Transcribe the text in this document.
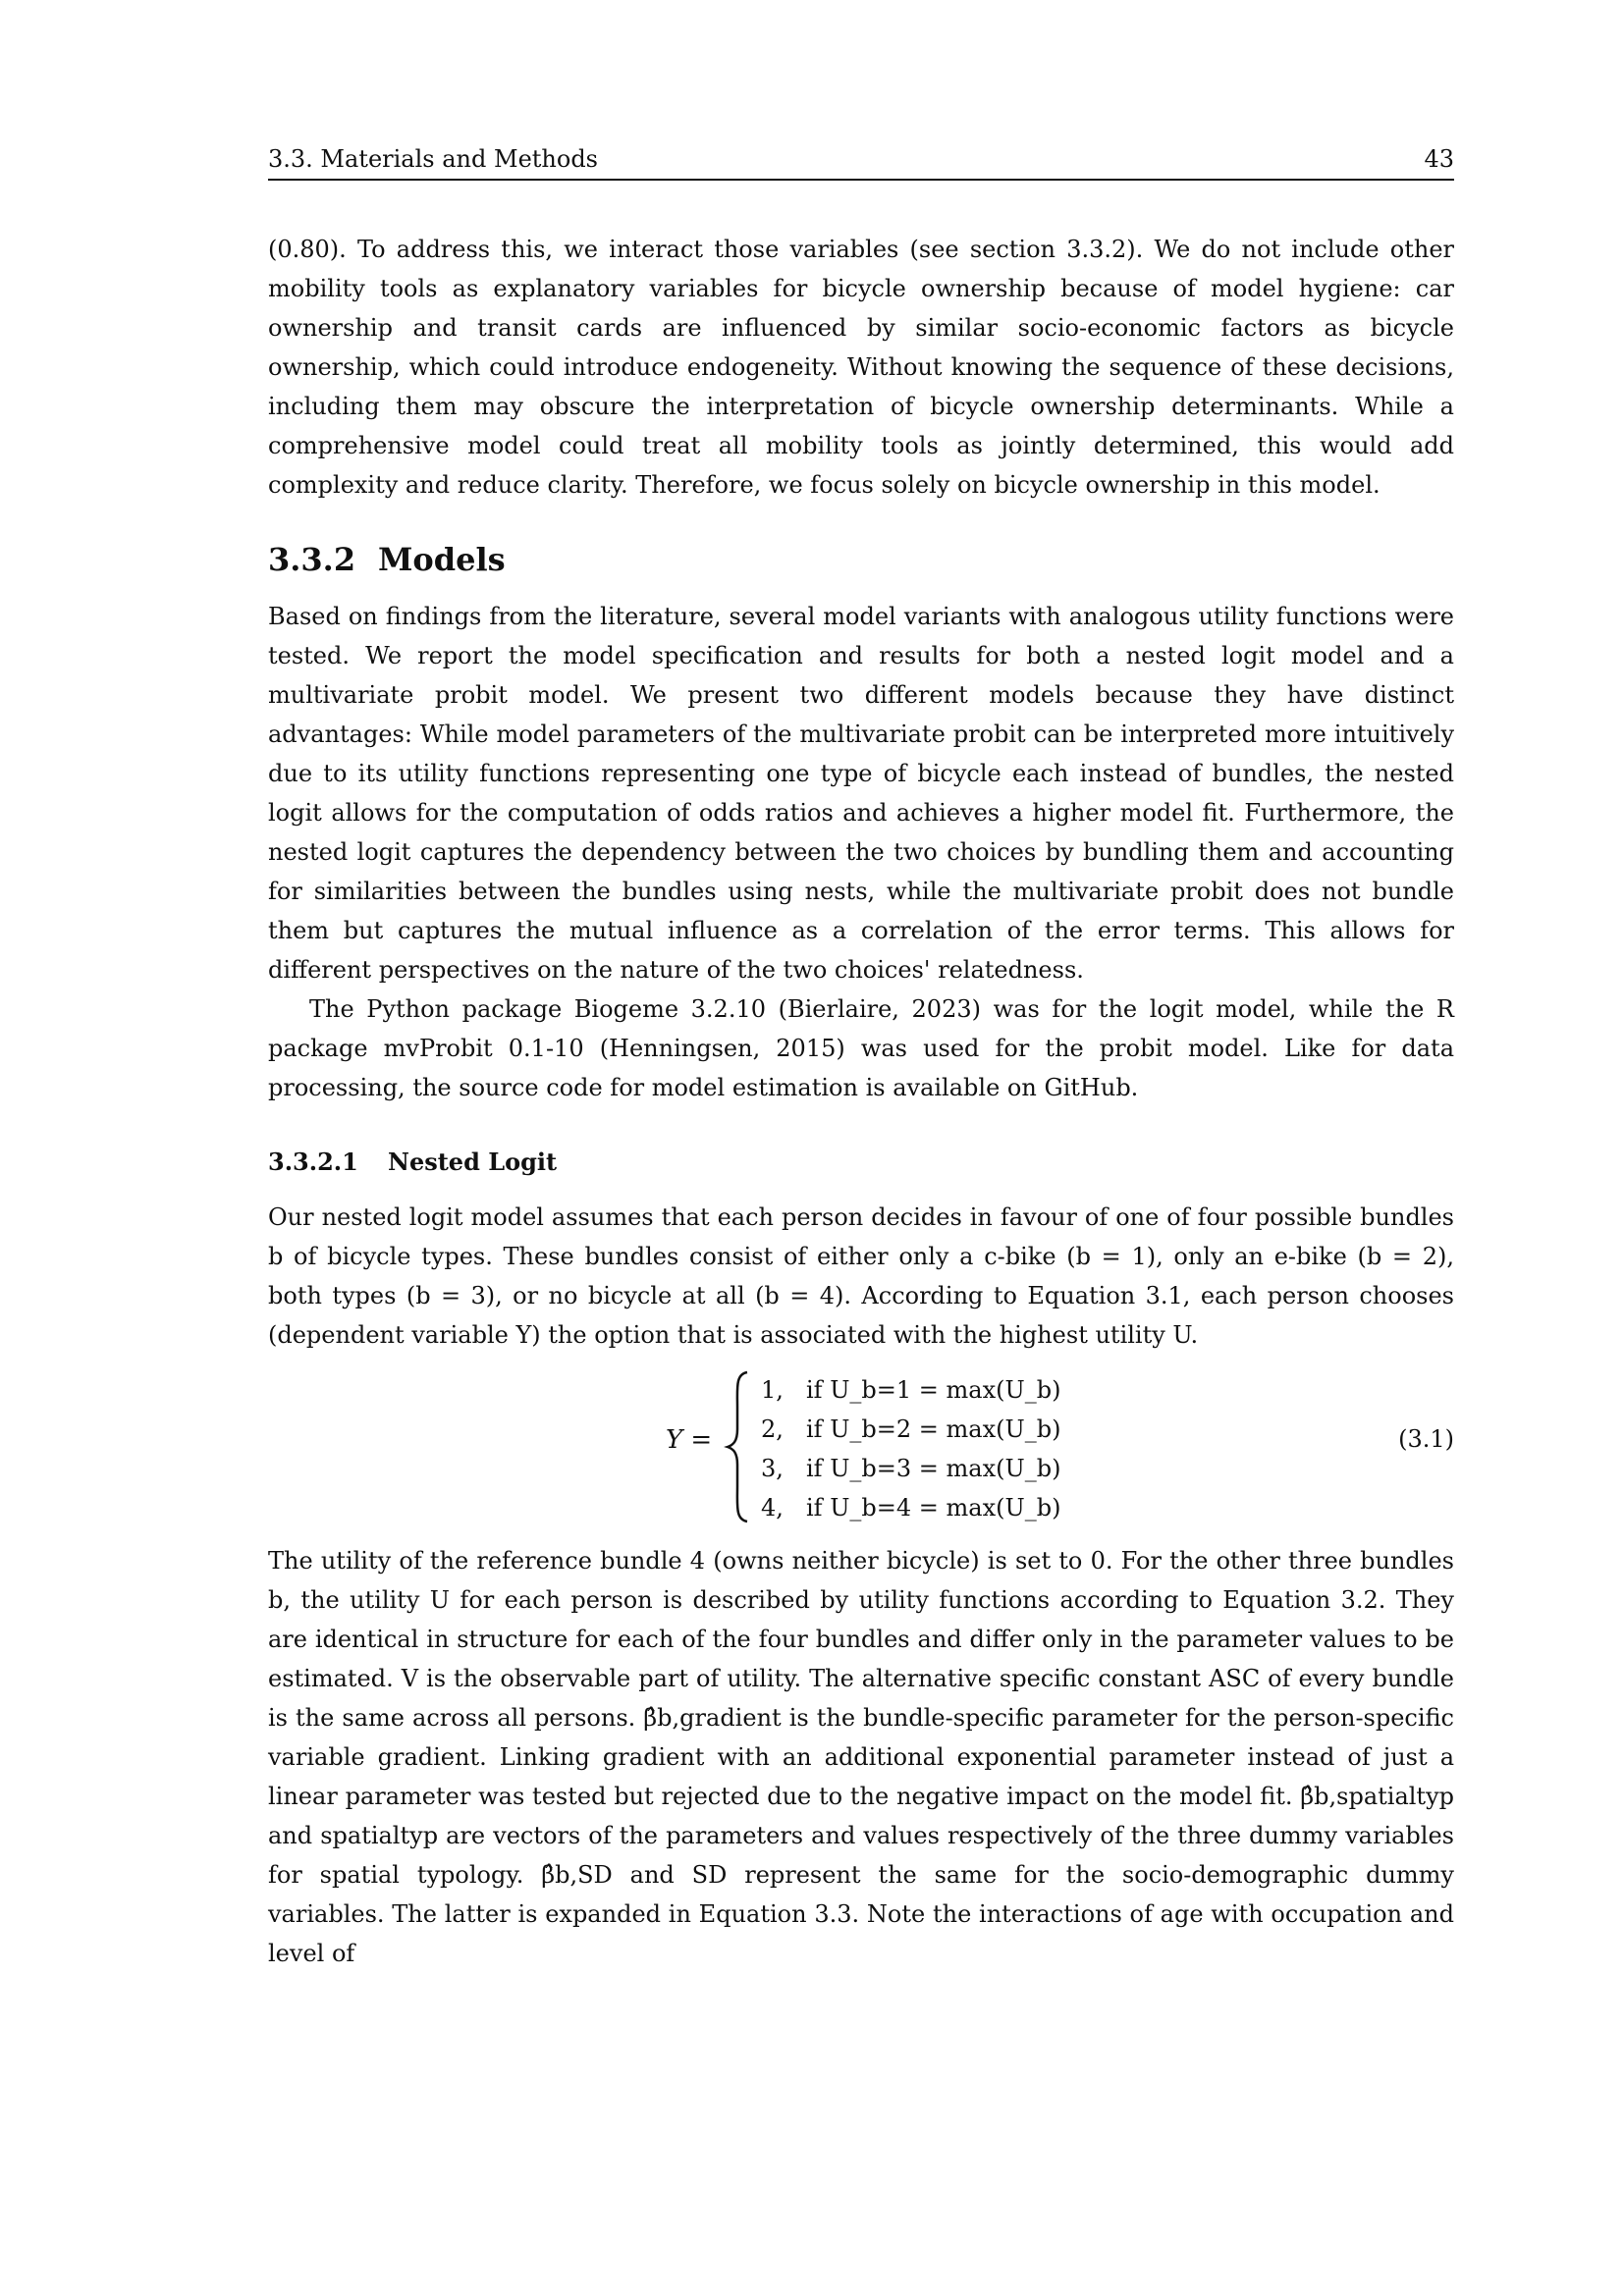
3.3. Materials and Methods	43

(0.80). To address this, we interact those variables (see section 3.3.2). We do not include other mobility tools as explanatory variables for bicycle ownership because of model hygiene: car ownership and transit cards are influenced by similar socio-economic factors as bicycle ownership, which could introduce endogeneity. Without knowing the sequence of these decisions, including them may obscure the interpretation of bicycle ownership determinants. While a comprehensive model could treat all mobility tools as jointly determined, this would add complexity and reduce clarity. Therefore, we focus solely on bicycle ownership in this model.

3.3.2 Models

Based on findings from the literature, several model variants with analogous utility functions were tested. We report the model specification and results for both a nested logit model and a multivariate probit model. We present two different models because they have distinct advantages: While model parameters of the multivariate probit can be interpreted more intuitively due to its utility functions representing one type of bicycle each instead of bundles, the nested logit allows for the computation of odds ratios and achieves a higher model fit. Furthermore, the nested logit captures the dependency between the two choices by bundling them and accounting for similarities between the bundles using nests, while the multivariate probit does not bundle them but captures the mutual influence as a correlation of the error terms. This allows for different perspectives on the nature of the two choices' relatedness.

The Python package Biogeme 3.2.10 (Bierlaire, 2023) was for the logit model, while the R package mvProbit 0.1-10 (Henningsen, 2015) was used for the probit model. Like for data processing, the source code for model estimation is available on GitHub.

3.3.2.1 Nested Logit

Our nested logit model assumes that each person decides in favour of one of four possible bundles b of bicycle types. These bundles consist of either only a c-bike (b = 1), only an e-bike (b = 2), both types (b = 3), or no bicycle at all (b = 4). According to Equation 3.1, each person chooses (dependent variable Y) the option that is associated with the highest utility U.

Y =
1, if U_b=1 = max(U_b)
2, if U_b=2 = max(U_b)
3, if U_b=3 = max(U_b)
4, if U_b=4 = max(U_b)
(3.1)

The utility of the reference bundle 4 (owns neither bicycle) is set to 0. For the other three bundles b, the utility U for each person is described by utility functions according to Equation 3.2. They are identical in structure for each of the four bundles and differ only in the parameter values to be estimated. V is the observable part of utility. The alternative specific constant ASC of every bundle is the same across all persons. β̂b,gradient is the bundle-specific parameter for the person-specific variable gradient. Linking gradient with an additional exponential parameter instead of just a linear parameter was tested but rejected due to the negative impact on the model fit. β̂b,spatialtyp and spatialtyp are vectors of the parameters and values respectively of the three dummy variables for spatial typology. β̂b,SD and SD represent the same for the socio-demographic dummy variables. The latter is expanded in Equation 3.3. Note the interactions of age with occupation and level of
